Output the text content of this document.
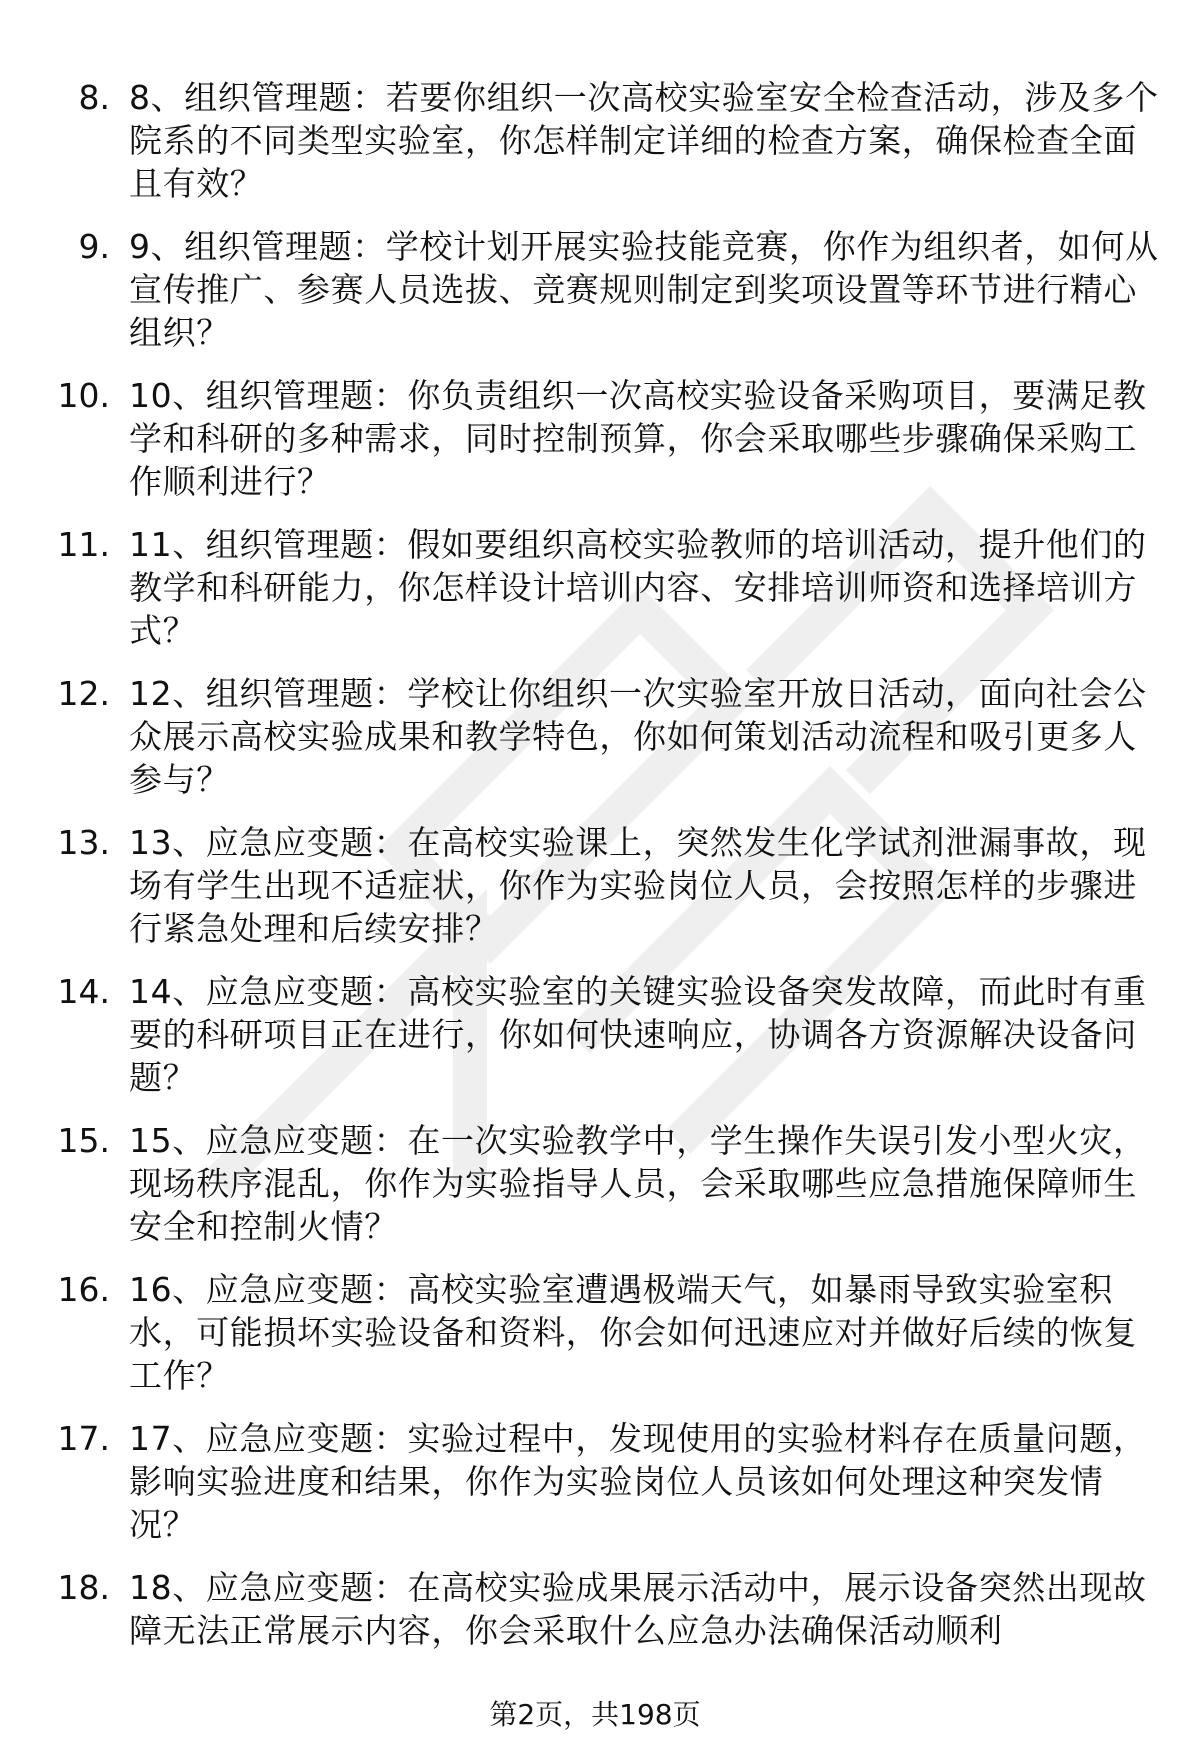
8. 8、组织管理题：若要你组织一次高校实验室安全检查活动，涉及多个院系的不同类型实验室，你怎样制定详细的检查方案，确保检查全面且有效？
9. 9、组织管理题：学校计划开展实验技能竞赛，你作为组织者，如何从宣传推广、参赛人员选拔、竞赛规则制定到奖项设置等环节进行精心组织？
10. 10、组织管理题：你负责组织一次高校实验设备采购项目，要满足教学和科研的多种需求，同时控制预算，你会采取哪些步骤确保采购工作顺利进行？
11. 11、组织管理题：假如要组织高校实验教师的培训活动，提升他们的教学和科研能力，你怎样设计培训内容、安排培训师资和选择培训方式？
12. 12、组织管理题：学校让你组织一次实验室开放日活动，面向社会公众展示高校实验成果和教学特色，你如何策划活动流程和吸引更多人参与？
13. 13、应急应变题：在高校实验课上，突然发生化学试剂泄漏事故，现场有学生出现不适症状，你作为实验岗位人员，会按照怎样的步骤进行紧急处理和后续安排？
14. 14、应急应变题：高校实验室的关键实验设备突发故障，而此时有重要的科研项目正在进行，你如何快速响应，协调各方资源解决设备问题？
15. 15、应急应变题：在一次实验教学中，学生操作失误引发小型火灾，现场秩序混乱，你作为实验指导人员，会采取哪些应急措施保障师生安全和控制火情？
16. 16、应急应变题：高校实验室遭遇极端天气，如暴雨导致实验室积水，可能损坏实验设备和资料，你会如何迅速应对并做好后续的恢复工作？
17. 17、应急应变题：实验过程中，发现使用的实验材料存在质量问题，影响实验进度和结果，你作为实验岗位人员该如何处理这种突发情况？
18. 18、应急应变题：在高校实验成果展示活动中，展示设备突然出现故障无法正常展示内容，你会采取什么应急办法确保活动顺利
第2页，共198页
